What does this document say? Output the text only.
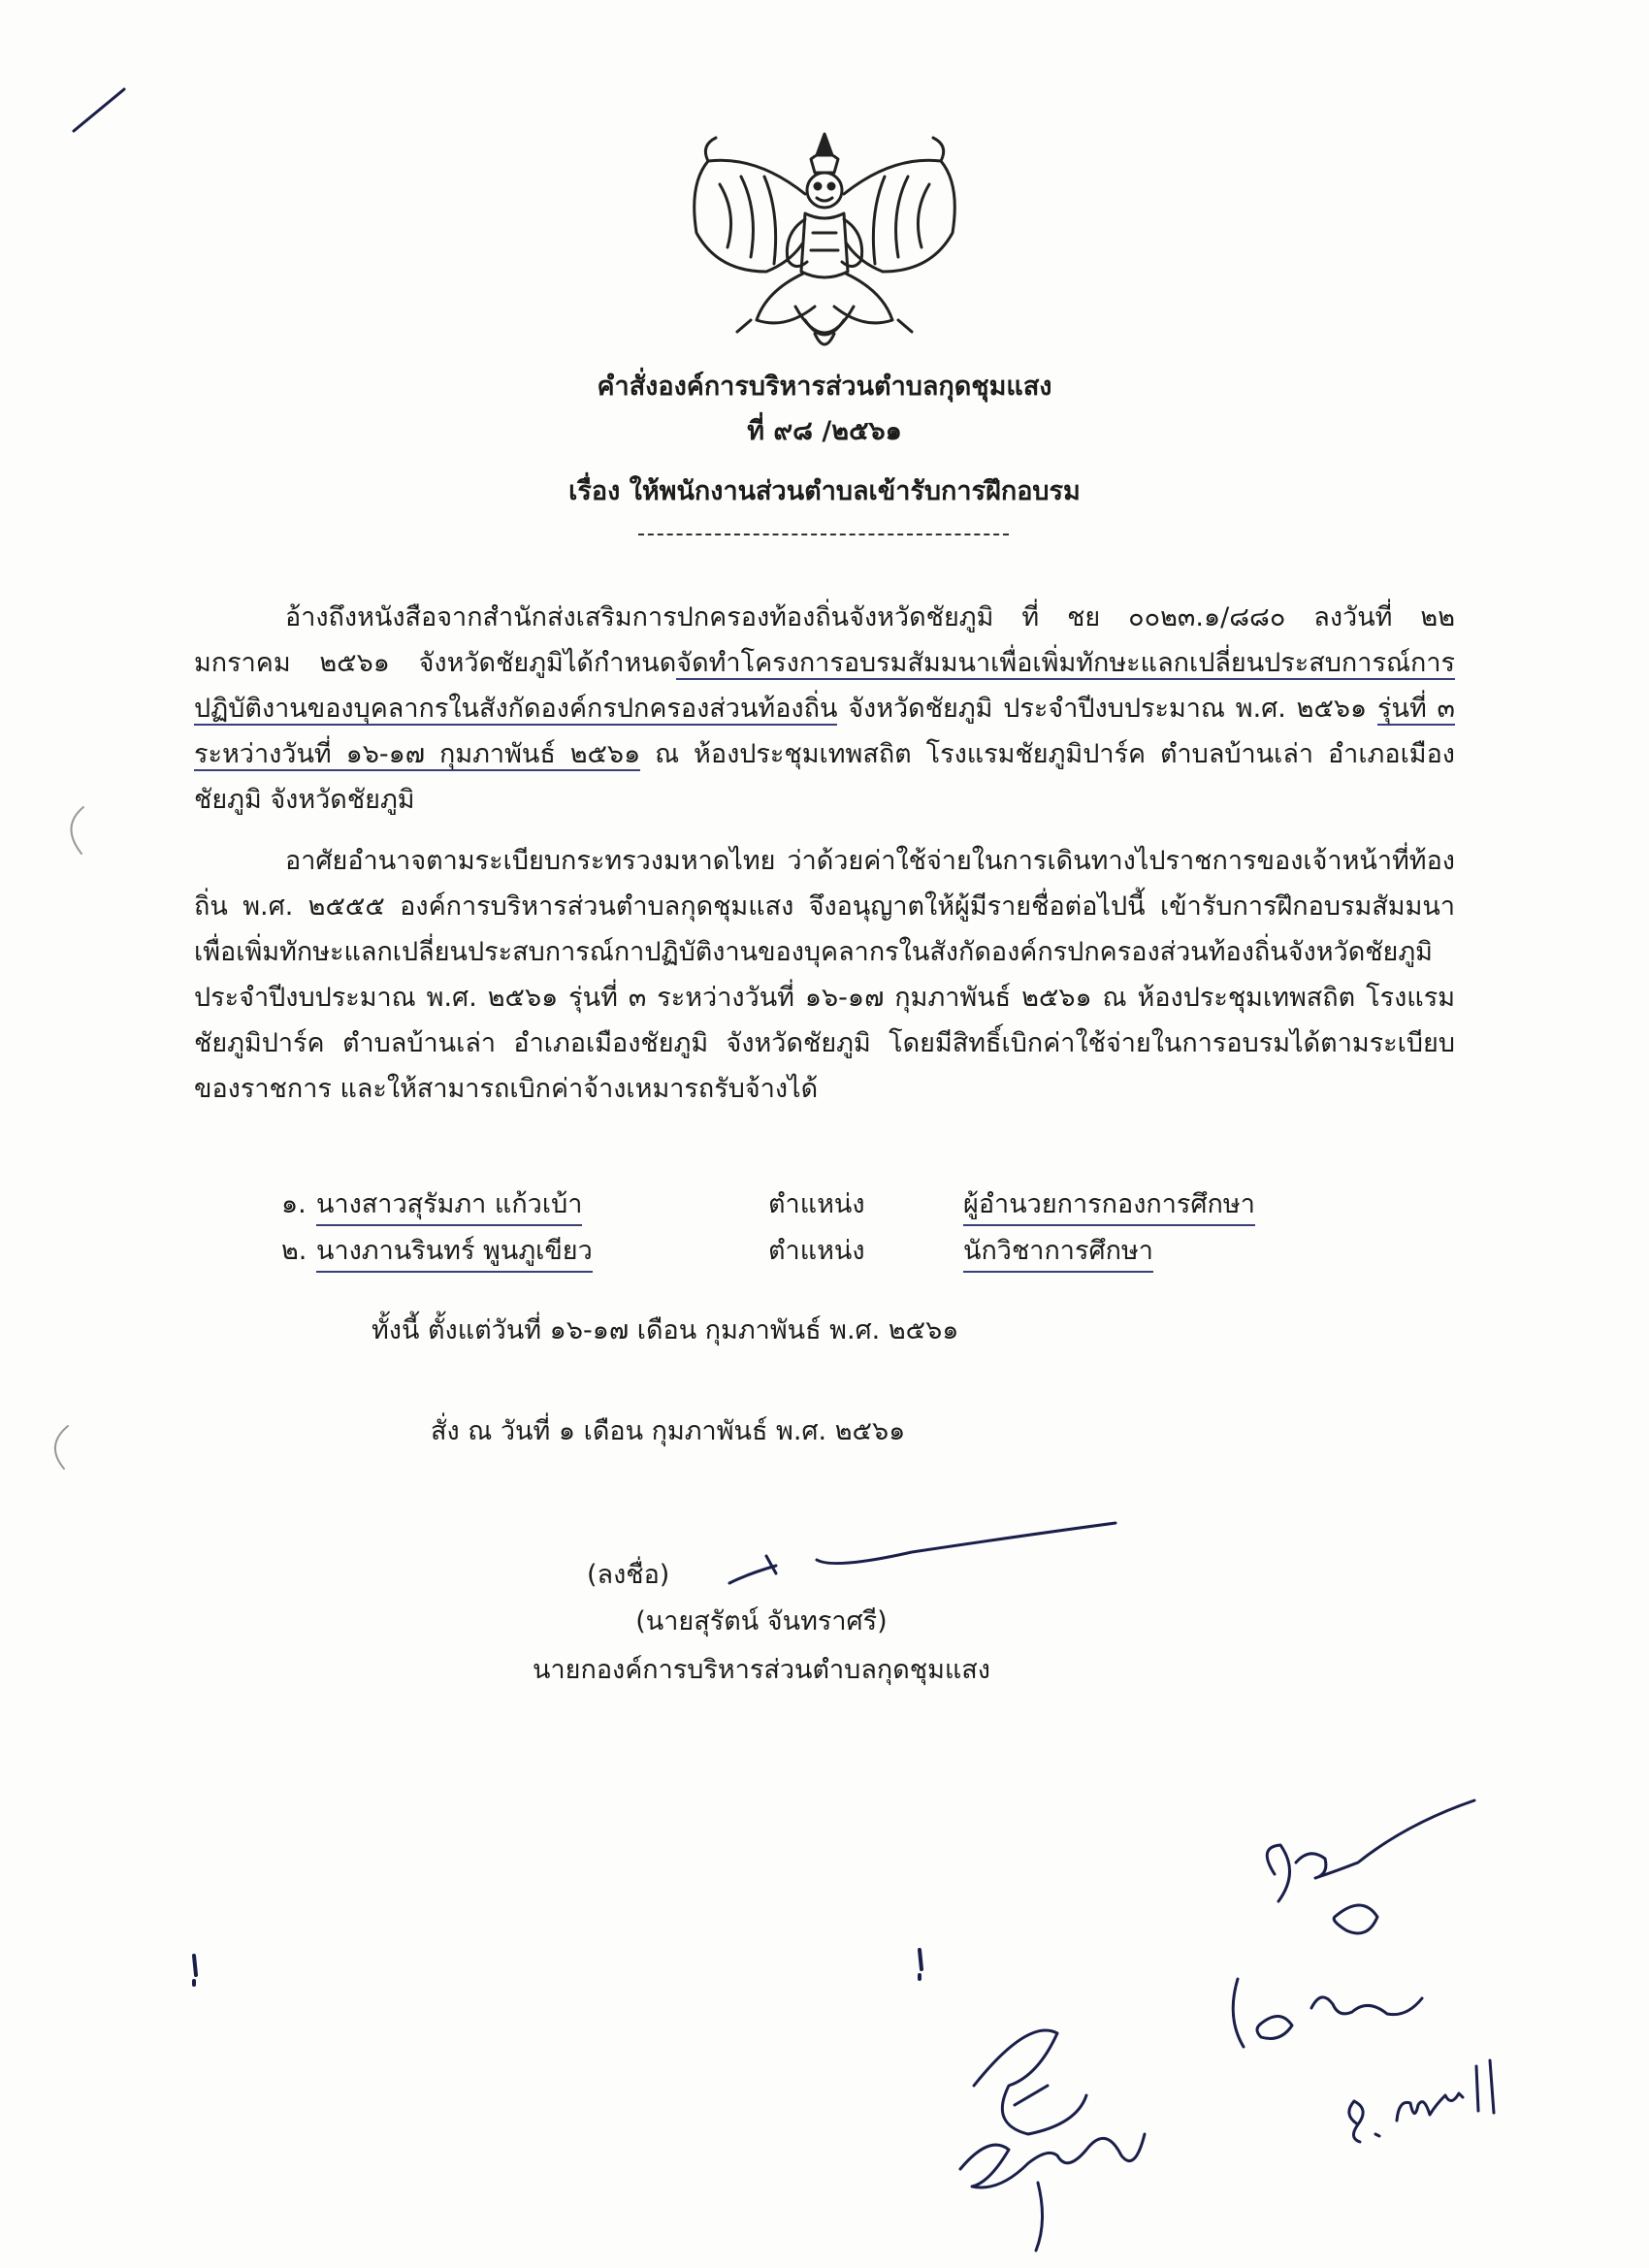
คำสั่งองค์การบริหารส่วนตำบลกุดชุมแสง
ที่ ๙๘ /๒๕๖๑
เรื่อง ให้พนักงานส่วนตำบลเข้ารับการฝึกอบรม

อ้างถึงหนังสือจากสำนักส่งเสริมการปกครองท้องถิ่นจังหวัดชัยภูมิ ที่ ชย ๐๐๒๓.๑/๘๘๐ ลงวันที่ ๒๒ มกราคม ๒๕๖๑ จังหวัดชัยภูมิได้กำหนดจัดทำโครงการอบรมสัมมนาเพื่อเพิ่มทักษะแลกเปลี่ยนประสบการณ์การปฏิบัติงานของบุคลากรในสังกัดองค์กรปกครองส่วนท้องถิ่น จังหวัดชัยภูมิ ประจำปีงบประมาณ พ.ศ. ๒๕๖๑ รุ่นที่ ๓ ระหว่างวันที่ ๑๖-๑๗ กุมภาพันธ์ ๒๕๖๑ ณ ห้องประชุมเทพสถิต โรงแรมชัยภูมิปาร์ค ตำบลบ้านเล่า อำเภอเมืองชัยภูมิ จังหวัดชัยภูมิ

อาศัยอำนาจตามระเบียบกระทรวงมหาดไทย ว่าด้วยค่าใช้จ่ายในการเดินทางไปราชการของเจ้าหน้าที่ท้องถิ่น พ.ศ. ๒๕๕๕ องค์การบริหารส่วนตำบลกุดชุมแสง จึงอนุญาตให้ผู้มีรายชื่อต่อไปนี้ เข้ารับการฝึกอบรมสัมมนาเพื่อเพิ่มทักษะแลกเปลี่ยนประสบการณ์กาปฏิบัติงานของบุคลากรในสังกัดองค์กรปกครองส่วนท้องถิ่นจังหวัดชัยภูมิ ประจำปีงบประมาณ พ.ศ. ๒๕๖๑ รุ่นที่ ๓ ระหว่างวันที่ ๑๖-๑๗ กุมภาพันธ์ ๒๕๖๑ ณ ห้องประชุมเทพสถิต โรงแรมชัยภูมิปาร์ค ตำบลบ้านเล่า อำเภอเมืองชัยภูมิ จังหวัดชัยภูมิ โดยมีสิทธิ์เบิกค่าใช้จ่ายในการอบรมได้ตามระเบียบของราชการ และให้สามารถเบิกค่าจ้างเหมารถรับจ้างได้

๑. นางสาวสุรัมภา แก้วเบ้า	ตำแหน่ง	ผู้อำนวยการกองการศึกษา
๒. นางภานรินทร์ พูนภูเขียว	ตำแหน่ง	นักวิชาการศึกษา
ทั้งนี้ ตั้งแต่วันที่ ๑๖-๑๗ เดือน กุมภาพันธ์ พ.ศ. ๒๕๖๑
สั่ง ณ วันที่ ๑ เดือน กุมภาพันธ์ พ.ศ. ๒๕๖๑
(ลงชื่อ)
(นายสุรัตน์ จันทราศรี)
นายกองค์การบริหารส่วนตำบลกุดชุมแสง
